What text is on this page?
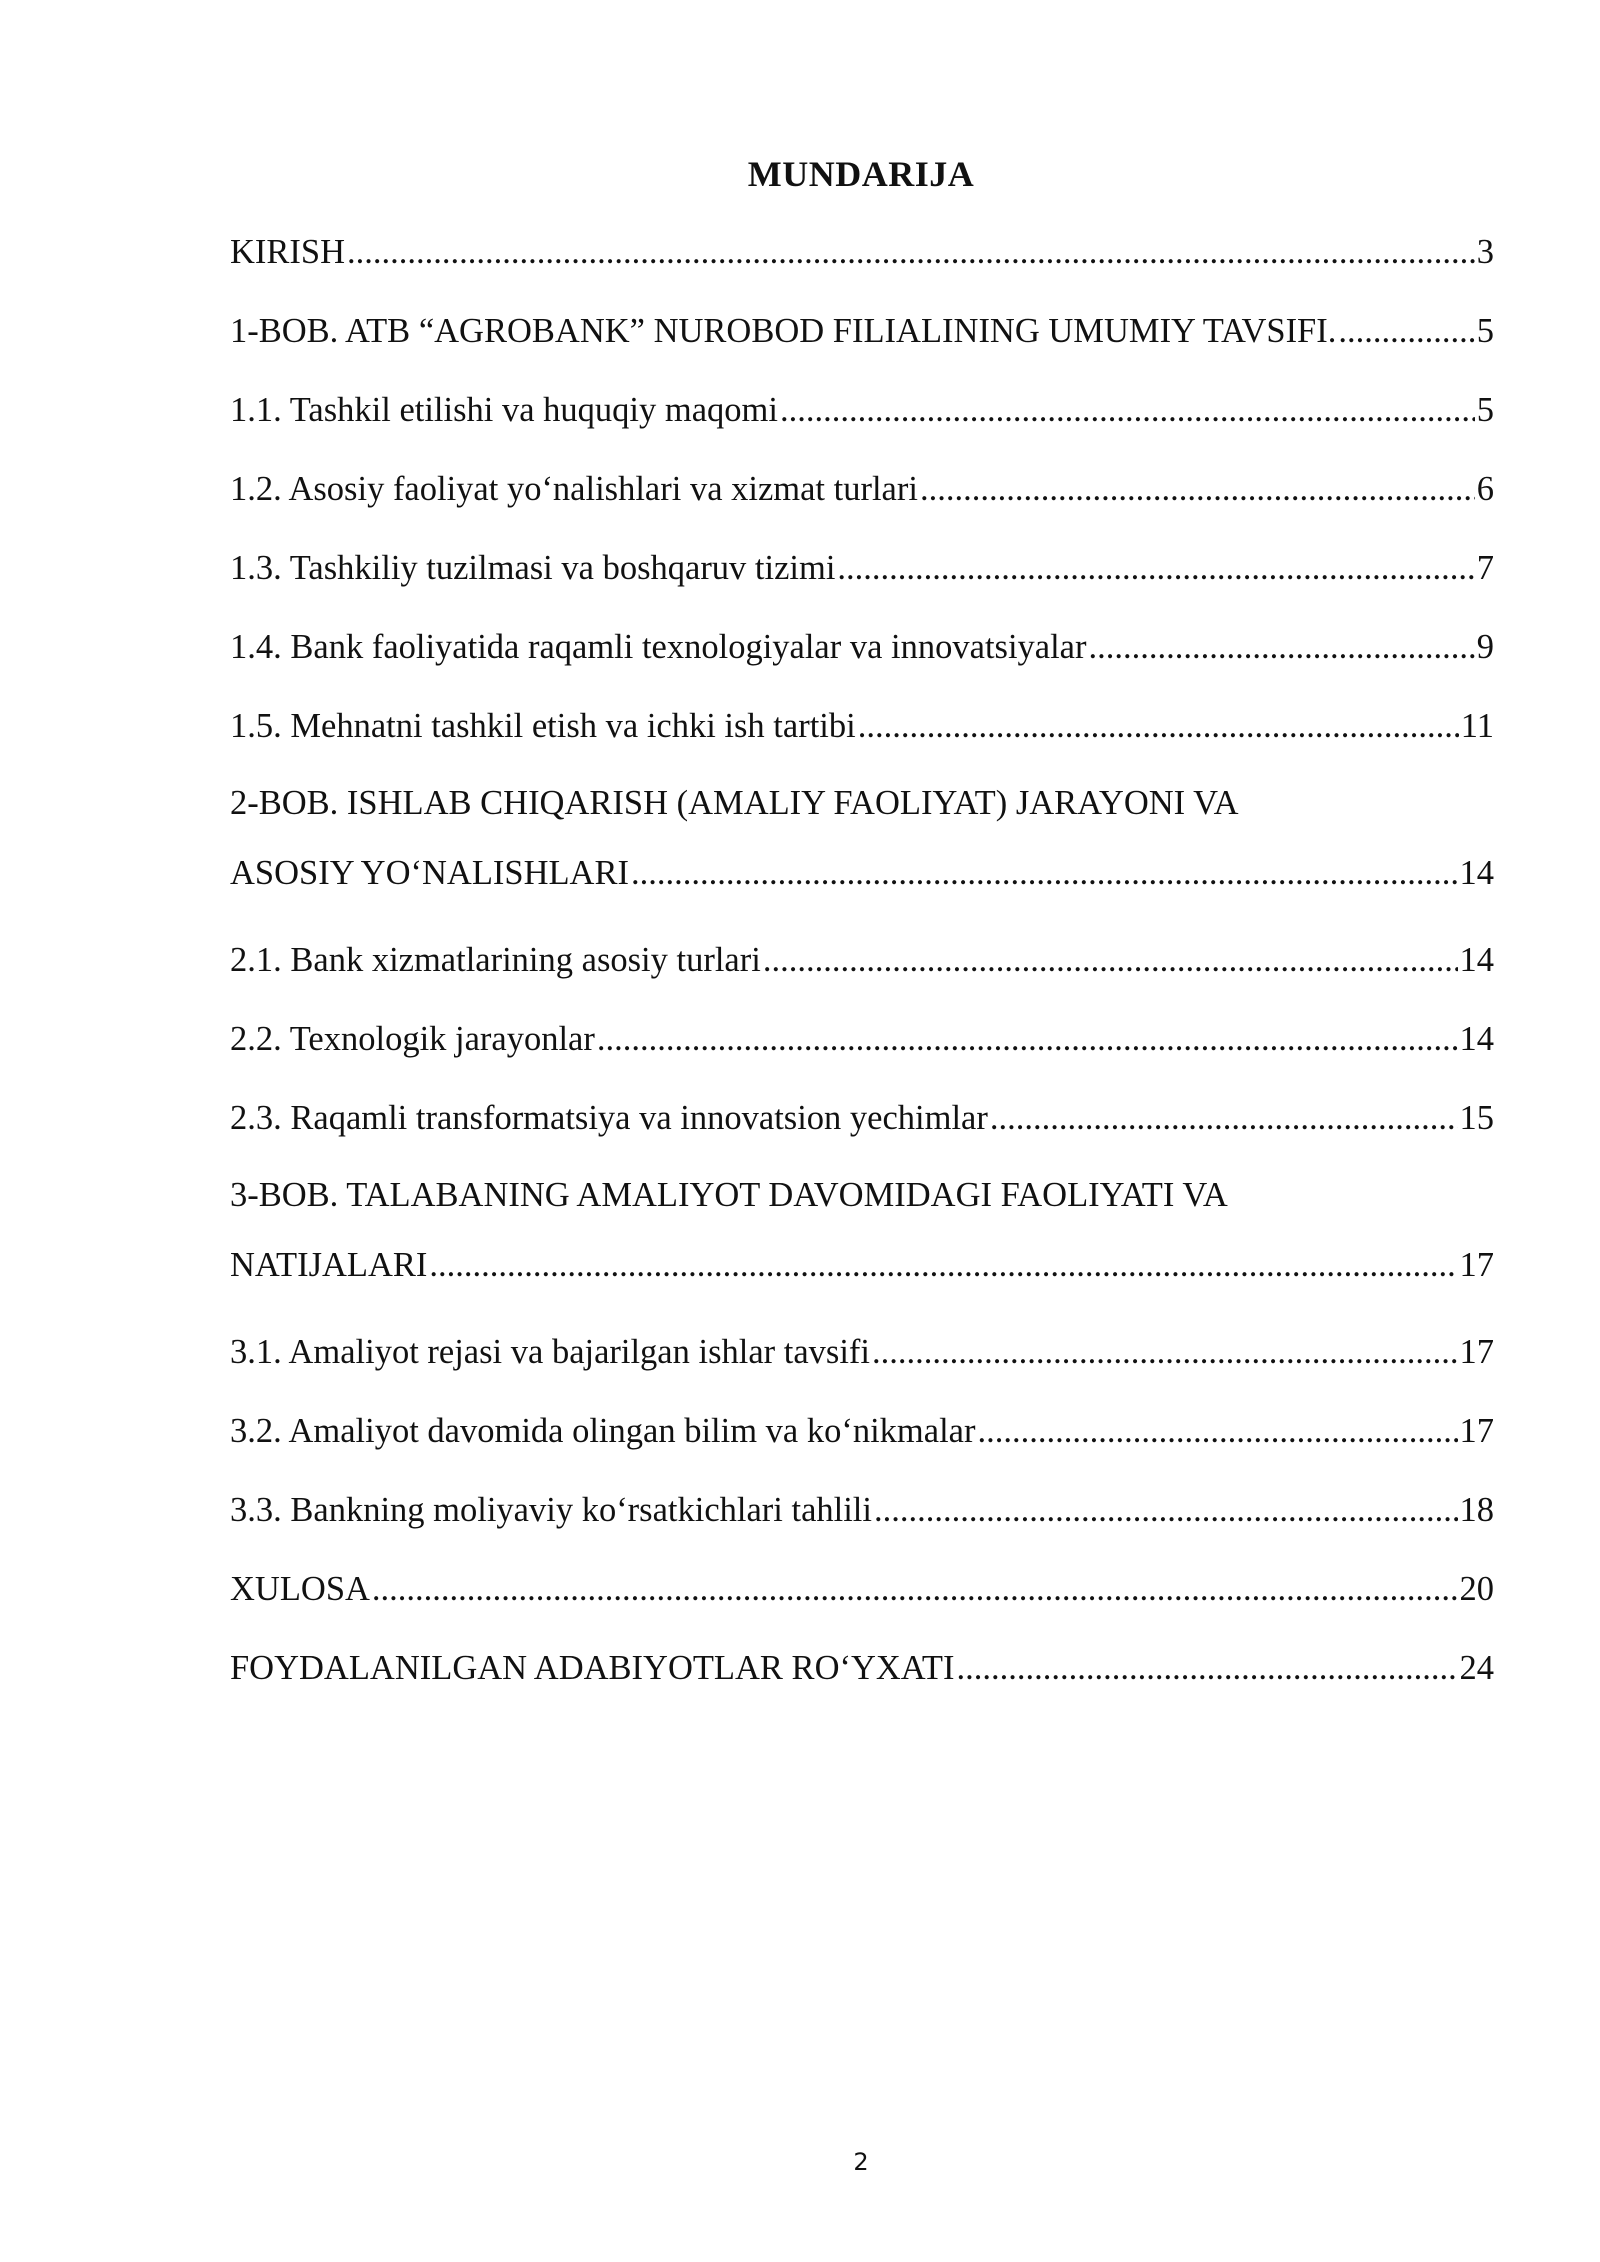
MUNDARIJA
KIRISH .....	3
1-BOB. ATB “AGROBANK” NUROBOD FILIALINING UMUMIY TAVSIFI. .....	5
1.1. Tashkil etilishi va huquqiy maqomi .....	5
1.2. Asosiy faoliyat yo‘nalishlari va xizmat turlari .....	6
1.3. Tashkiliy tuzilmasi va boshqaruv tizimi .....	7
1.4. Bank faoliyatida raqamli texnologiyalar va innovatsiyalar .....	9
1.5. Mehnatni tashkil etish va ichki ish tartibi .....	11
2-BOB. ISHLAB CHIQARISH (AMALIY FAOLIYAT) JARAYONI VA
ASOSIY YO‘NALISHLARI .....	14
2.1. Bank xizmatlarining asosiy turlari .....	14
2.2. Texnologik jarayonlar .....	14
2.3. Raqamli transformatsiya va innovatsion yechimlar .....	15
3-BOB. TALABANING AMALIYOT DAVOMIDAGI FAOLIYATI VA
NATIJALARI .....	17
3.1. Amaliyot rejasi va bajarilgan ishlar tavsifi .....	17
3.2. Amaliyot davomida olingan bilim va ko‘nikmalar .....	17
3.3. Bankning moliyaviy ko‘rsatkichlari tahlili .....	18
XULOSA .....	20
FOYDALANILGAN ADABIYOTLAR RO‘YXATI .....	24
2
